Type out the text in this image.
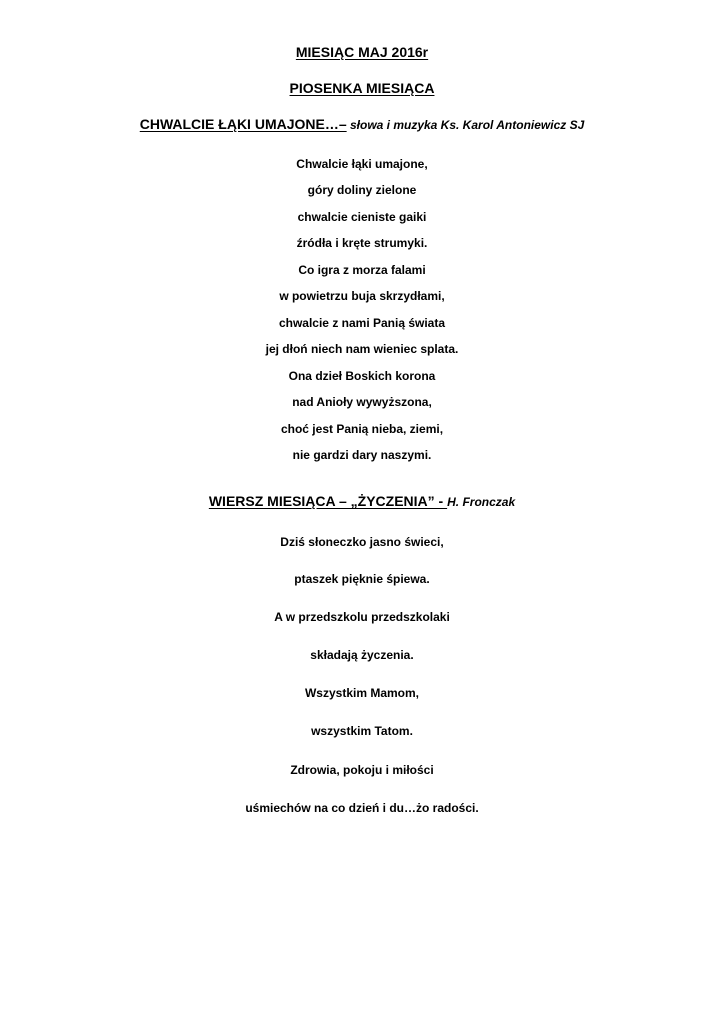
MIESIĄC MAJ 2016r
PIOSENKA MIESIĄCA
CHWALCIE ŁĄKI UMAJONE…– słowa i muzyka Ks. Karol Antoniewicz SJ
Chwalcie łąki umajone,
góry doliny zielone
chwalcie cieniste gaiki
źródła i kręte strumyki.
Co igra z morza falami
w powietrzu buja skrzydłami,
chwalcie z nami Panią świata
jej dłoń niech nam wieniec splata.
Ona dzieł Boskich korona
nad Anioły wywyższona,
choć jest Panią nieba, ziemi,
nie gardzi dary naszymi.
WIERSZ MIESIĄCA – „ŻYCZENIA” - H. Fronczak
Dziś słoneczko jasno świeci,
ptaszek pięknie śpiewa.
A w przedszkolu przedszkolaki
składają życzenia.
Wszystkim Mamom,
wszystkim Tatom.
Zdrowia, pokoju i miłości
uśmiechów na co dzień i du…żo radości.
